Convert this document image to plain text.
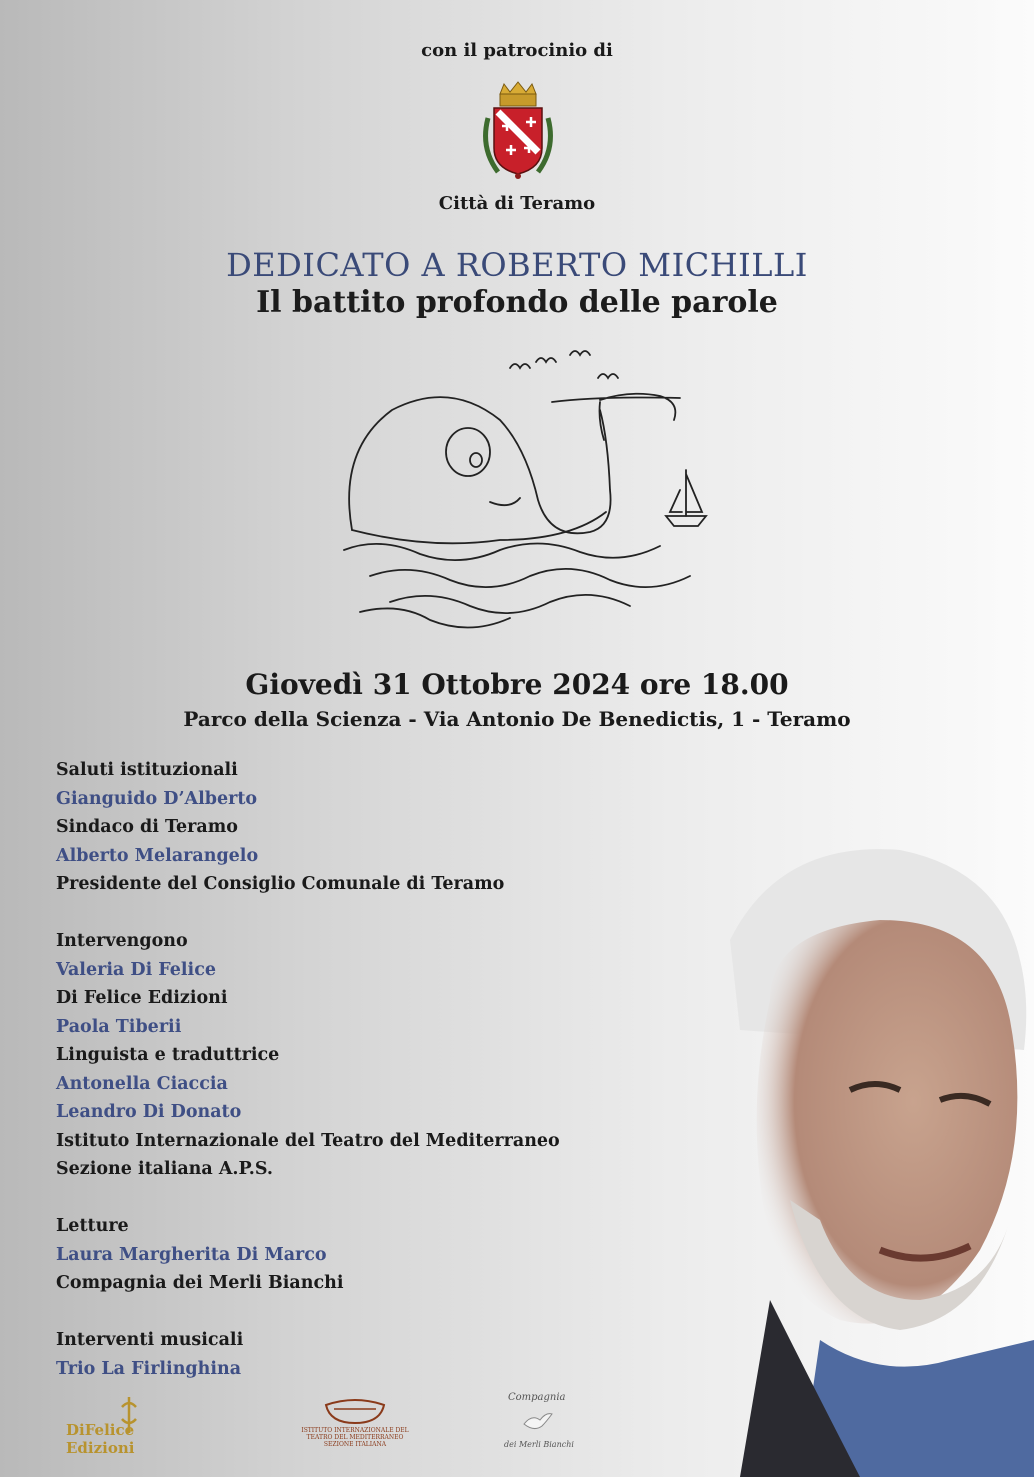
con il patrocinio di
Città di Teramo
DEDICATO A ROBERTO MICHILLI
Il battito profondo delle parole
Giovedì 31 Ottobre 2024 ore 18.00
Parco della Scienza - Via Antonio De Benedictis, 1 - Teramo
Saluti istituzionali
Gianguido D’Alberto
Sindaco di Teramo
Alberto Melarangelo
Presidente del Consiglio Comunale di Teramo
Intervengono
Valeria Di Felice
Di Felice Edizioni
Paola Tiberii
Linguista e traduttrice
Antonella Ciaccia
Leandro Di Donato
Istituto Internazionale del Teatro del Mediterraneo
Sezione italiana A.P.S.
Letture
Laura Margherita Di Marco
Compagnia dei Merli Bianchi
Interventi musicali
Trio La Firlinghina
DiFelice Edizioni
ISTITUTO INTERNAZIONALE DEL TEATRO DEL MEDITERRANEO SEZIONE ITALIANA
Compagnia
dei Merli Bianchi
